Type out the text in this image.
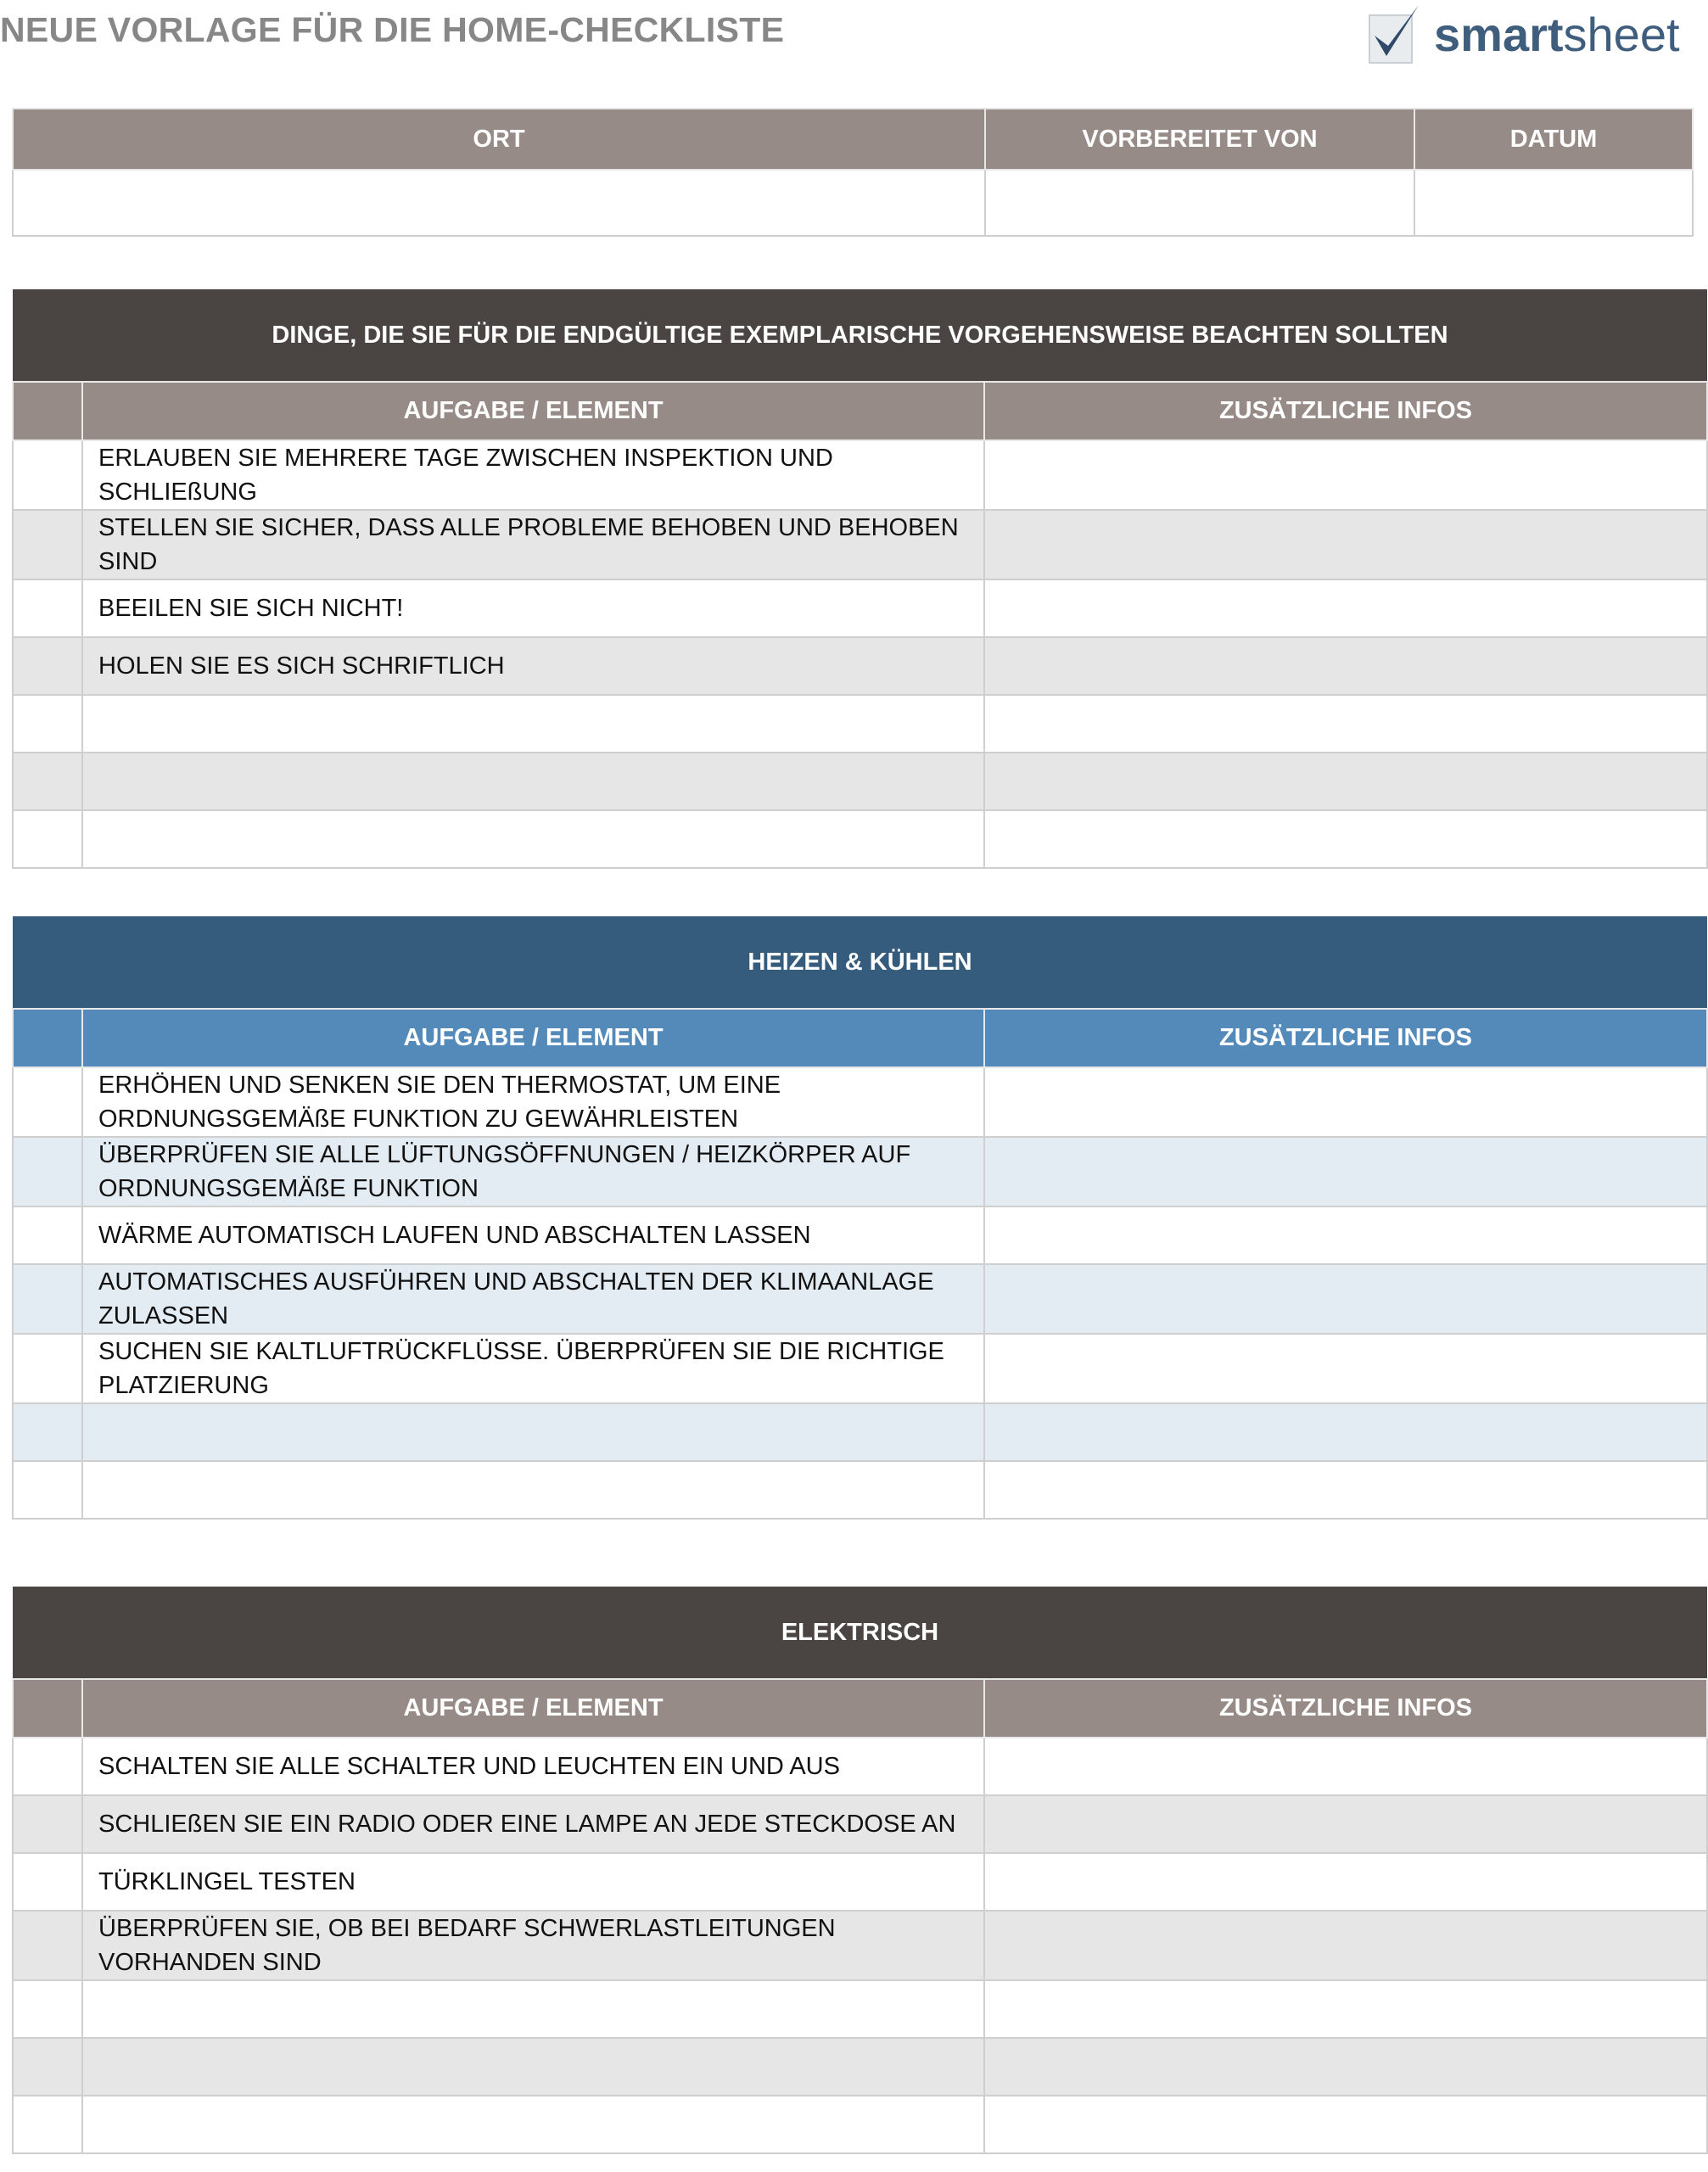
NEUE VORLAGE FÜR DIE HOME-CHECKLISTE	smartsheet
ORT	VORBEREITET VON	DATUM

DINGE, DIE SIE FÜR DIE ENDGÜLTIGE EXEMPLARISCHE VORGEHENSWEISE BEACHTEN SOLLTEN		
	AUFGABE / ELEMENT	ZUSÄTZLICHE INFOS
	ERLAUBEN SIE MEHRERE TAGE ZWISCHEN INSPEKTION UND SCHLIEßUNG	
	STELLEN SIE SICHER, DASS ALLE PROBLEME BEHOBEN UND BEHOBEN SIND	
	BEEILEN SIE SICH NICHT!	
	HOLEN SIE ES SICH SCHRIFTLICH	

HEIZEN & KÜHLEN		
	AUFGABE / ELEMENT	ZUSÄTZLICHE INFOS
	ERHÖHEN UND SENKEN SIE DEN THERMOSTAT, UM EINE ORDNUNGSGEMÄßE FUNKTION ZU GEWÄHRLEISTEN	
	ÜBERPRÜFEN SIE ALLE LÜFTUNGSÖFFNUNGEN / HEIZKÖRPER AUF ORDNUNGSGEMÄßE FUNKTION	
	WÄRME AUTOMATISCH LAUFEN UND ABSCHALTEN LASSEN	
	AUTOMATISCHES AUSFÜHREN UND ABSCHALTEN DER KLIMAANLAGE ZULASSEN	
	SUCHEN SIE KALTLUFTRÜCKFLÜSSE. ÜBERPRÜFEN SIE DIE RICHTIGE PLATZIERUNG	

ELEKTRISCH		
	AUFGABE / ELEMENT	ZUSÄTZLICHE INFOS
	SCHALTEN SIE ALLE SCHALTER UND LEUCHTEN EIN UND AUS	
	SCHLIEßEN SIE EIN RADIO ODER EINE LAMPE AN JEDE STECKDOSE AN	
	TÜRKLINGEL TESTEN	
	ÜBERPRÜFEN SIE, OB BEI BEDARF SCHWERLASTLEITUNGEN VORHANDEN SIND	
